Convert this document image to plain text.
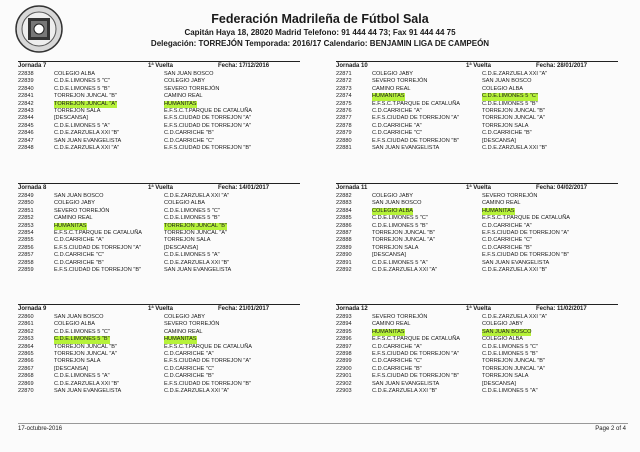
Federación Madrileña de Fútbol Sala
Capitán Haya 18, 28020 Madrid Telefono: 91 444 44 73; Fax 91 444 44 75
Delegación: TORREJÓN Temporada: 2016/17 Calendario: BENJAMIN LIGA DE CAMPEÓN
Jornada 7	1ª Vuelta	Fecha: 17/12/2016
22838	COLEGIO ALBA	SAN JUAN BOSCO
22839	C.D.E.LIMONES 5 "C"	COLEGIO JABY
22840	C.D.E.LIMONES 5 "B"	SEVERO TORREJÓN
22841	TORREJON JUNCAL "B"	CAMINO REAL
22842	TORREJON JUNCAL "A"	HUMANITAS
22843	TORREJON SALA	E.F.S.C.T.PARQUE DE CATALUÑA
22844	[DESCANSA]	E.F.S.CIUDAD DE TORREJON "A"
22845	C.D.E.LIMONES 5 "A"	E.F.S.CIUDAD DE TORREJON "A"
22846	C.D.E.ZARZUELA XXI "B"	C.D.CARRICHE "B"
22847	SAN JUAN EVANGELISTA	C.D.CARRICHE "C"
22848	C.D.E.ZARZUELA XXI "A"	E.F.S.CIUDAD DE TORREJON "B"
Jornada 10	1ª Vuelta	Fecha: 28/01/2017
22871	COLEGIO JABY	C.D.E.ZARZUELA XXI "A"
22872	SEVERO TORREJÓN	SAN JUAN BOSCO
22873	CAMINO REAL	COLEGIO ALBA
22874	HUMANITAS	C.D.E.LIMONES 5 "C"
22875	E.F.S.C.T.PARQUE DE CATALUÑA	C.D.E.LIMONES 5 "B"
22876	C.D.CARRICHE "A"	TORREJON JUNCAL "B"
22877	E.F.S.CIUDAD DE TORREJON "A"	TORREJON JUNCAL "A"
22878	C.D.CARRICHE "A"	TORREJON SALA
22879	C.D.CARRICHE "C"	C.D.CARRICHE "B"
22880	E.F.S.CIUDAD DE TORREJON "B"	[DESCANSA]
22881	SAN JUAN EVANGELISTA	C.D.E.ZARZUELA XXI "B"
Jornada 8	1ª Vuelta	Fecha: 14/01/2017
22849	SAN JUAN BOSCO	C.D.E.ZARZUELA XXI "A"
22850	COLEGIO JABY	COLEGIO ALBA
22851	SEVERO TORREJÓN	C.D.E.LIMONES 5 "C"
22852	CAMINO REAL	C.D.E.LIMONES 5 "B"
22853	HUMANITAS	TORREJON JUNCAL "B"
22854	E.F.S.C.T.PARQUE DE CATALUÑA	TORREJON JUNCAL "A"
22855	C.D.CARRICHE "A"	TORREJON SALA
22856	E.F.S.CIUDAD DE TORREJON "A"	[DESCANSA]
22857	C.D.CARRICHE "C"	C.D.E.LIMONES 5 "A"
22858	C.D.CARRICHE "B"	C.D.E.ZARZUELA XXI "B"
22859	E.F.S.CIUDAD DE TORREJON "B"	SAN JUAN EVANGELISTA
Jornada 11	1ª Vuelta	Fecha: 04/02/2017
22882	COLEGIO JABY	SEVERO TORREJÓN
22883	SAN JUAN BOSCO	CAMINO REAL
22884	COLEGIO ALBA	HUMANITAS
22885	C.D.E.LIMONES 5 "C"	E.F.S.C.T.PARQUE DE CATALUÑA
22886	C.D.E.LIMONES 5 "B"	C.D.CARRICHE "A"
22887	TORREJON JUNCAL "B"	E.F.S.CIUDAD DE TORREJON "A"
22888	TORREJON JUNCAL "A"	C.D.CARRICHE "C"
22889	TORREJON SALA	C.D.CARRICHE "B"
22890	[DESCANSA]	E.F.S.CIUDAD DE TORREJON "B"
22891	C.D.E.LIMONES 5 "A"	SAN JUAN EVANGELISTA
22892	C.D.E.ZARZUELA XXI "A"	C.D.E.ZARZUELA XXI "B"
Jornada 9	1ª Vuelta	Fecha: 21/01/2017
22860	SAN JUAN BOSCO	COLEGIO JABY
22861	COLEGIO ALBA	SEVERO TORREJÓN
22862	C.D.E.LIMONES 5 "C"	CAMINO REAL
22863	C.D.E.LIMONES 5 "B"	HUMANITAS
22864	TORREJON JUNCAL "B"	E.F.S.C.T.PARQUE DE CATALUÑA
22865	TORREJON JUNCAL "A"	C.D.CARRICHE "A"
22866	TORREJON SALA	E.F.S.CIUDAD DE TORREJON "A"
22867	[DESCANSA]	C.D.CARRICHE "C"
22868	C.D.E.LIMONES 5 "A"	C.D.CARRICHE "B"
22869	C.D.E.ZARZUELA XXI "B"	E.F.S.CIUDAD DE TORREJON "B"
22870	SAN JUAN EVANGELISTA	C.D.E.ZARZUELA XXI "A"
Jornada 12	1ª Vuelta	Fecha: 11/02/2017
22893	SEVERO TORREJÓN	C.D.E.ZARZUELA XXI "A"
22894	CAMINO REAL	COLEGIO JABY
22895	HUMANITAS	SAN JUAN BOSCO
22896	E.F.S.C.T.PARQUE DE CATALUÑA	COLEGIO ALBA
22897	C.D.CARRICHE "A"	C.D.E.LIMONES 5 "C"
22898	E.F.S.CIUDAD DE TORREJON "A"	C.D.E.LIMONES 5 "B"
22899	C.D.CARRICHE "C"	TORREJON JUNCAL "B"
22900	C.D.CARRICHE "B"	TORREJON JUNCAL "A"
22901	E.F.S.CIUDAD DE TORREJON "B"	TORREJON SALA
22902	SAN JUAN EVANGELISTA	[DESCANSA]
22903	C.D.E.ZARZUELA XXI "B"	C.D.E.LIMONES 5 "A"
17-octubre-2016	Page 2 of 4
